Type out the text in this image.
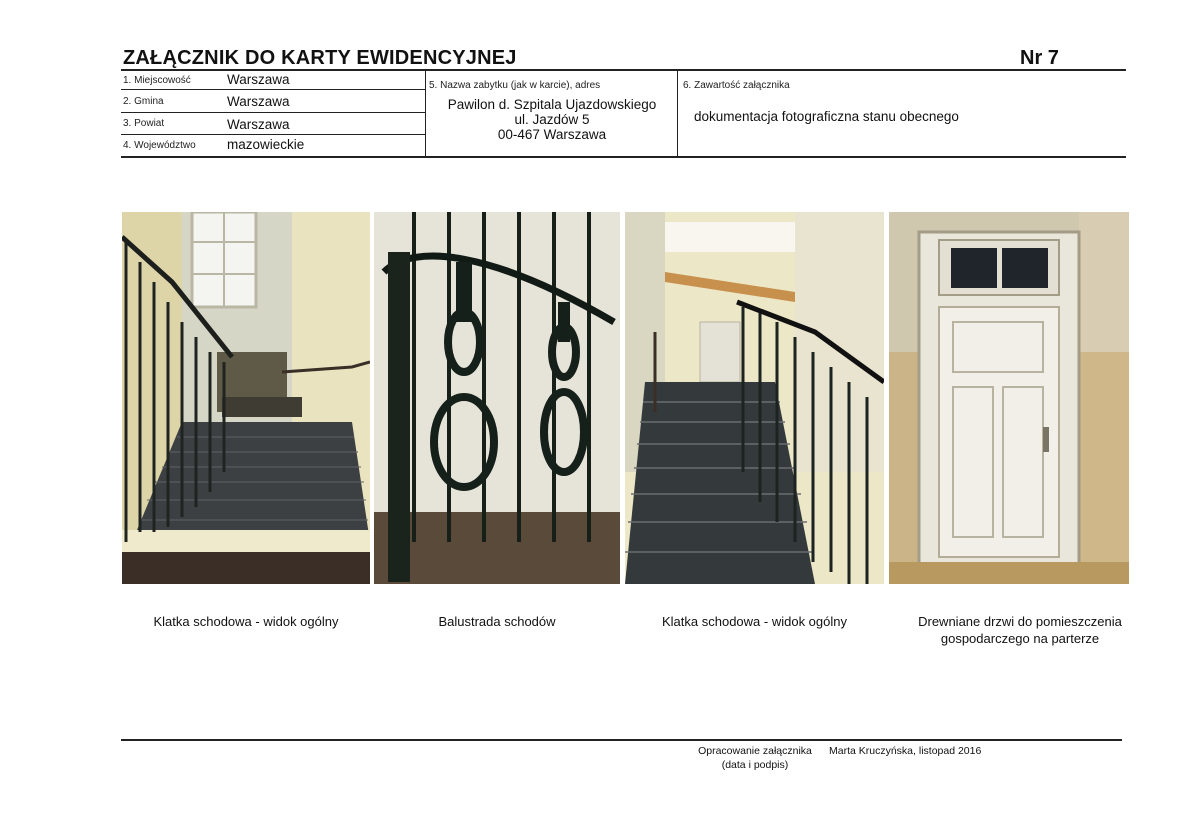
ZAŁĄCZNIK DO KARTY EWIDENCYJNEJ	Nr 7
1. Miejscowość	Warszawa
2. Gmina	Warszawa
3. Powiat	Warszawa
4. Województwo mazowieckie
5. Nazwa zabytku (jak w karcie), adres
Pawilon d. Szpitala Ujazdowskiego
ul. Jazdów 5
00-467 Warszawa
6. Zawartość załącznika
dokumentacja fotograficzna stanu obecnego
Klatka schodowa - widok ogólny	Balustrada schodów	Klatka schodowa - widok ogólny	Drewniane drzwi do pomieszczenia
gospodarczego na parterze
Opracowanie załącznika
(data i podpis)
Marta Kruczyńska, listopad 2016
